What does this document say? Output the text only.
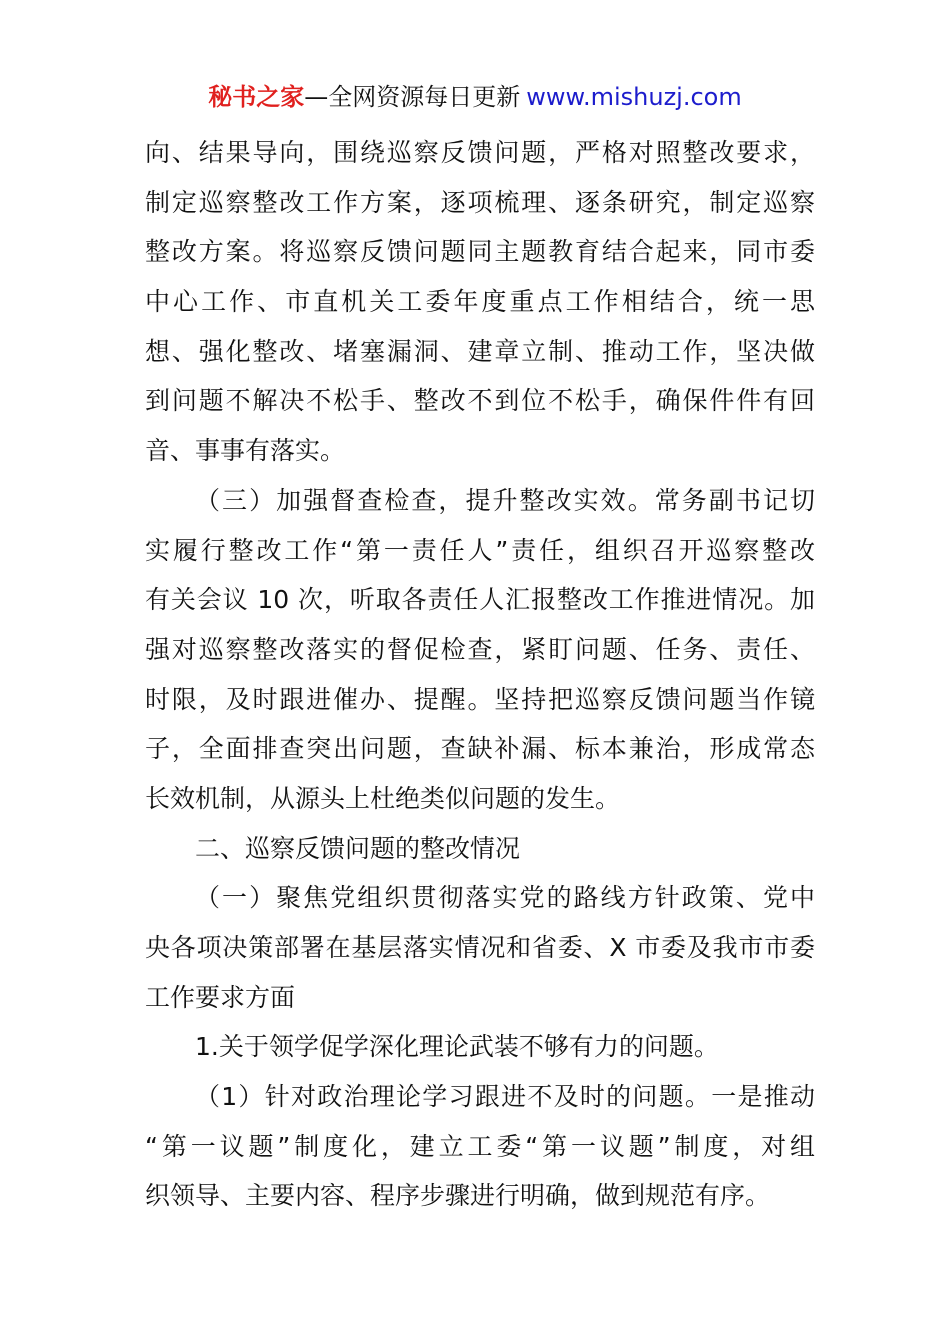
秘书之家—全网资源每日更新 www.mishuzj.com
向、结果导向，围绕巡察反馈问题，严格对照整改要求，
制定巡察整改工作方案，逐项梳理、逐条研究，制定巡察
整改方案。将巡察反馈问题同主题教育结合起来，同市委
中心工作、市直机关工委年度重点工作相结合，统一思
想、强化整改、堵塞漏洞、建章立制、推动工作，坚决做
到问题不解决不松手、整改不到位不松手，确保件件有回
音、事事有落实。
（三）加强督查检查，提升整改实效。常务副书记切
实履行整改工作“第一责任人”责任，组织召开巡察整改
有关会议 10 次，听取各责任人汇报整改工作推进情况。加
强对巡察整改落实的督促检查，紧盯问题、任务、责任、
时限，及时跟进催办、提醒。坚持把巡察反馈问题当作镜
子，全面排查突出问题，查缺补漏、标本兼治，形成常态
长效机制，从源头上杜绝类似问题的发生。
二、巡察反馈问题的整改情况
（一）聚焦党组织贯彻落实党的路线方针政策、党中
央各项决策部署在基层落实情况和省委、X 市委及我市市委
工作要求方面
1.关于领学促学深化理论武装不够有力的问题。
（1）针对政治理论学习跟进不及时的问题。一是推动
“第一议题”制度化，建立工委“第一议题”制度，对组
织领导、主要内容、程序步骤进行明确，做到规范有序。
